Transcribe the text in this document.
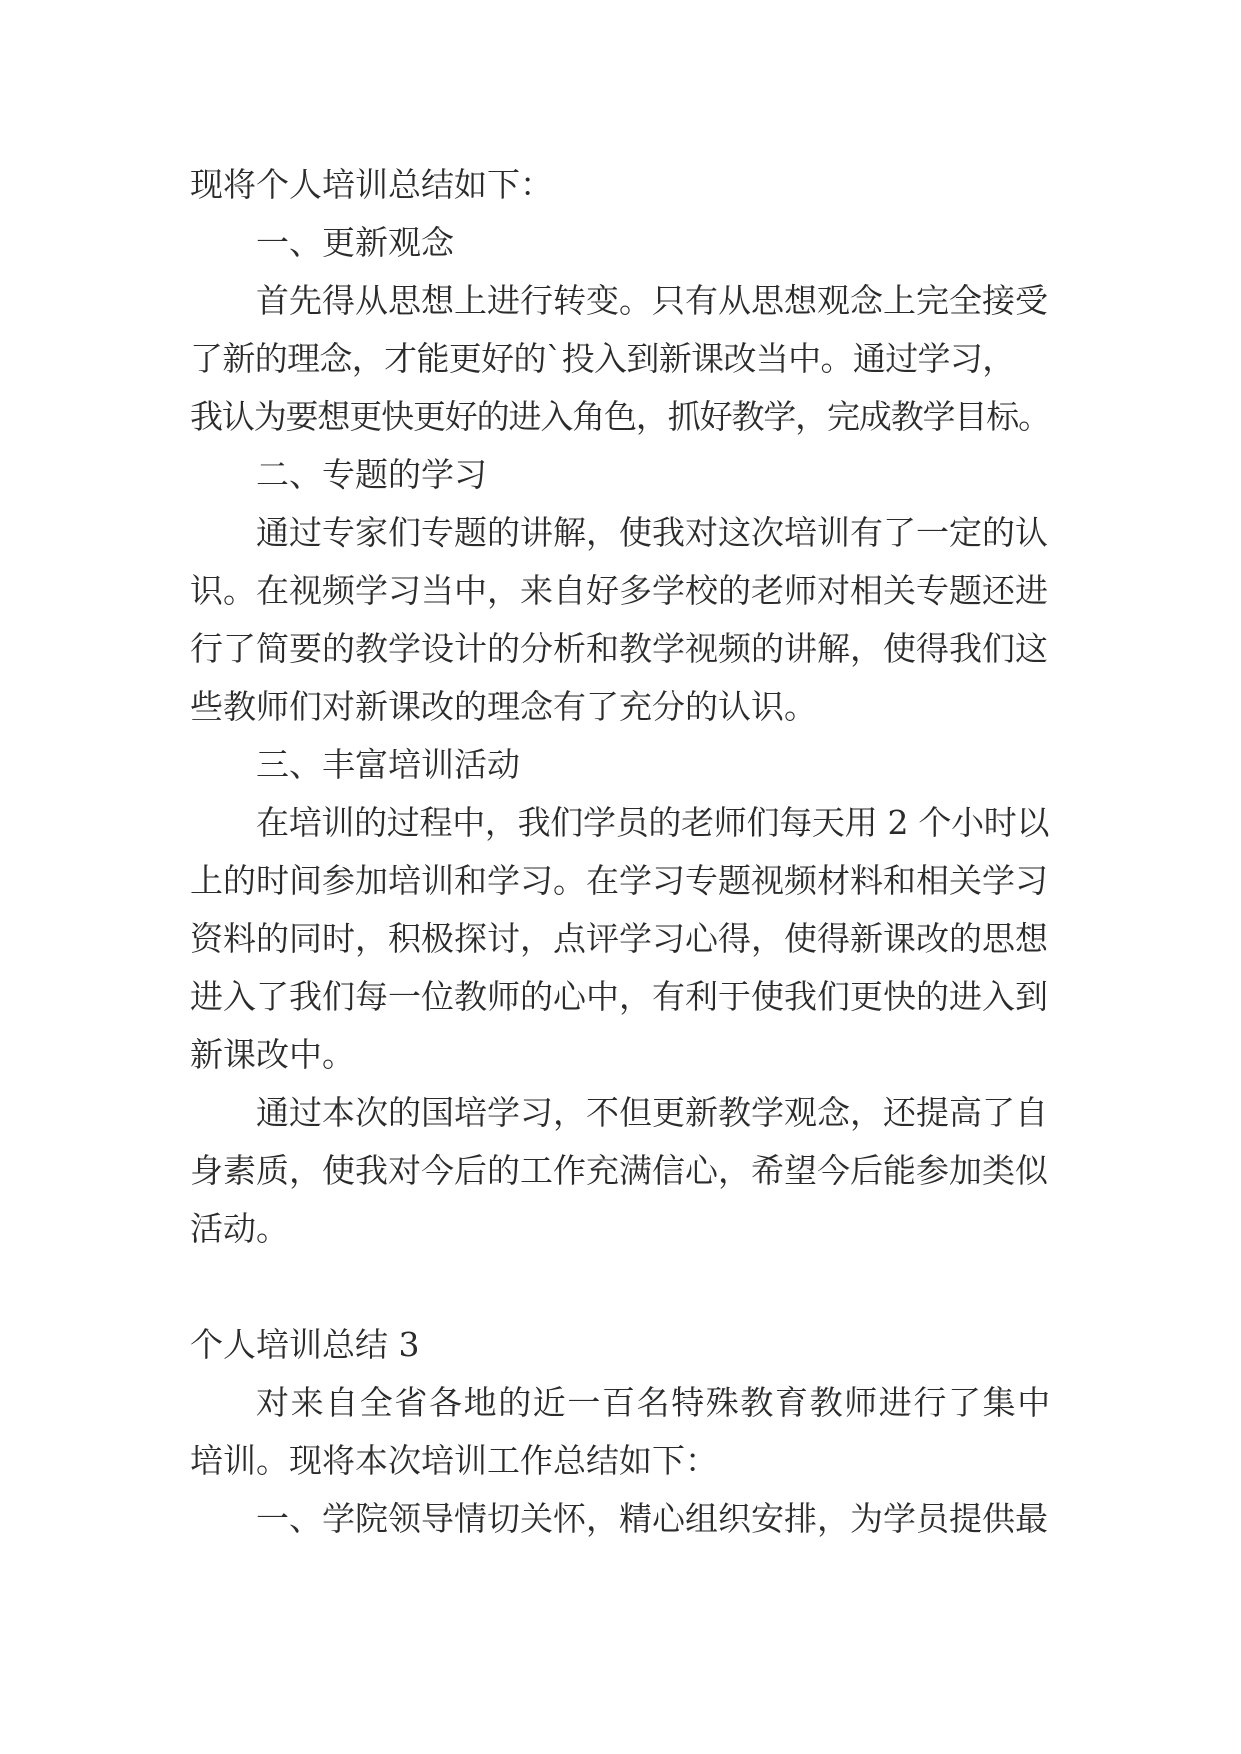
现将个人培训总结如下：
一、更新观念
首先得从思想上进行转变。只有从思想观念上完全接受
了新的理念，才能更好的`投入到新课改当中。通过学习，
我认为要想更快更好的进入角色，抓好教学，完成教学目标。
二、专题的学习
通过专家们专题的讲解，使我对这次培训有了一定的认
识。在视频学习当中，来自好多学校的老师对相关专题还进
行了简要的教学设计的分析和教学视频的讲解，使得我们这
些教师们对新课改的理念有了充分的认识。
三、丰富培训活动
在培训的过程中，我们学员的老师们每天用 2 个小时以
上的时间参加培训和学习。在学习专题视频材料和相关学习
资料的同时，积极探讨，点评学习心得，使得新课改的思想
进入了我们每一位教师的心中，有利于使我们更快的进入到
新课改中。
通过本次的国培学习，不但更新教学观念，还提高了自
身素质，使我对今后的工作充满信心，希望今后能参加类似
活动。
个人培训总结 3
对来自全省各地的近一百名特殊教育教师进行了集中
培训。现将本次培训工作总结如下：
一、学院领导情切关怀，精心组织安排，为学员提供最
